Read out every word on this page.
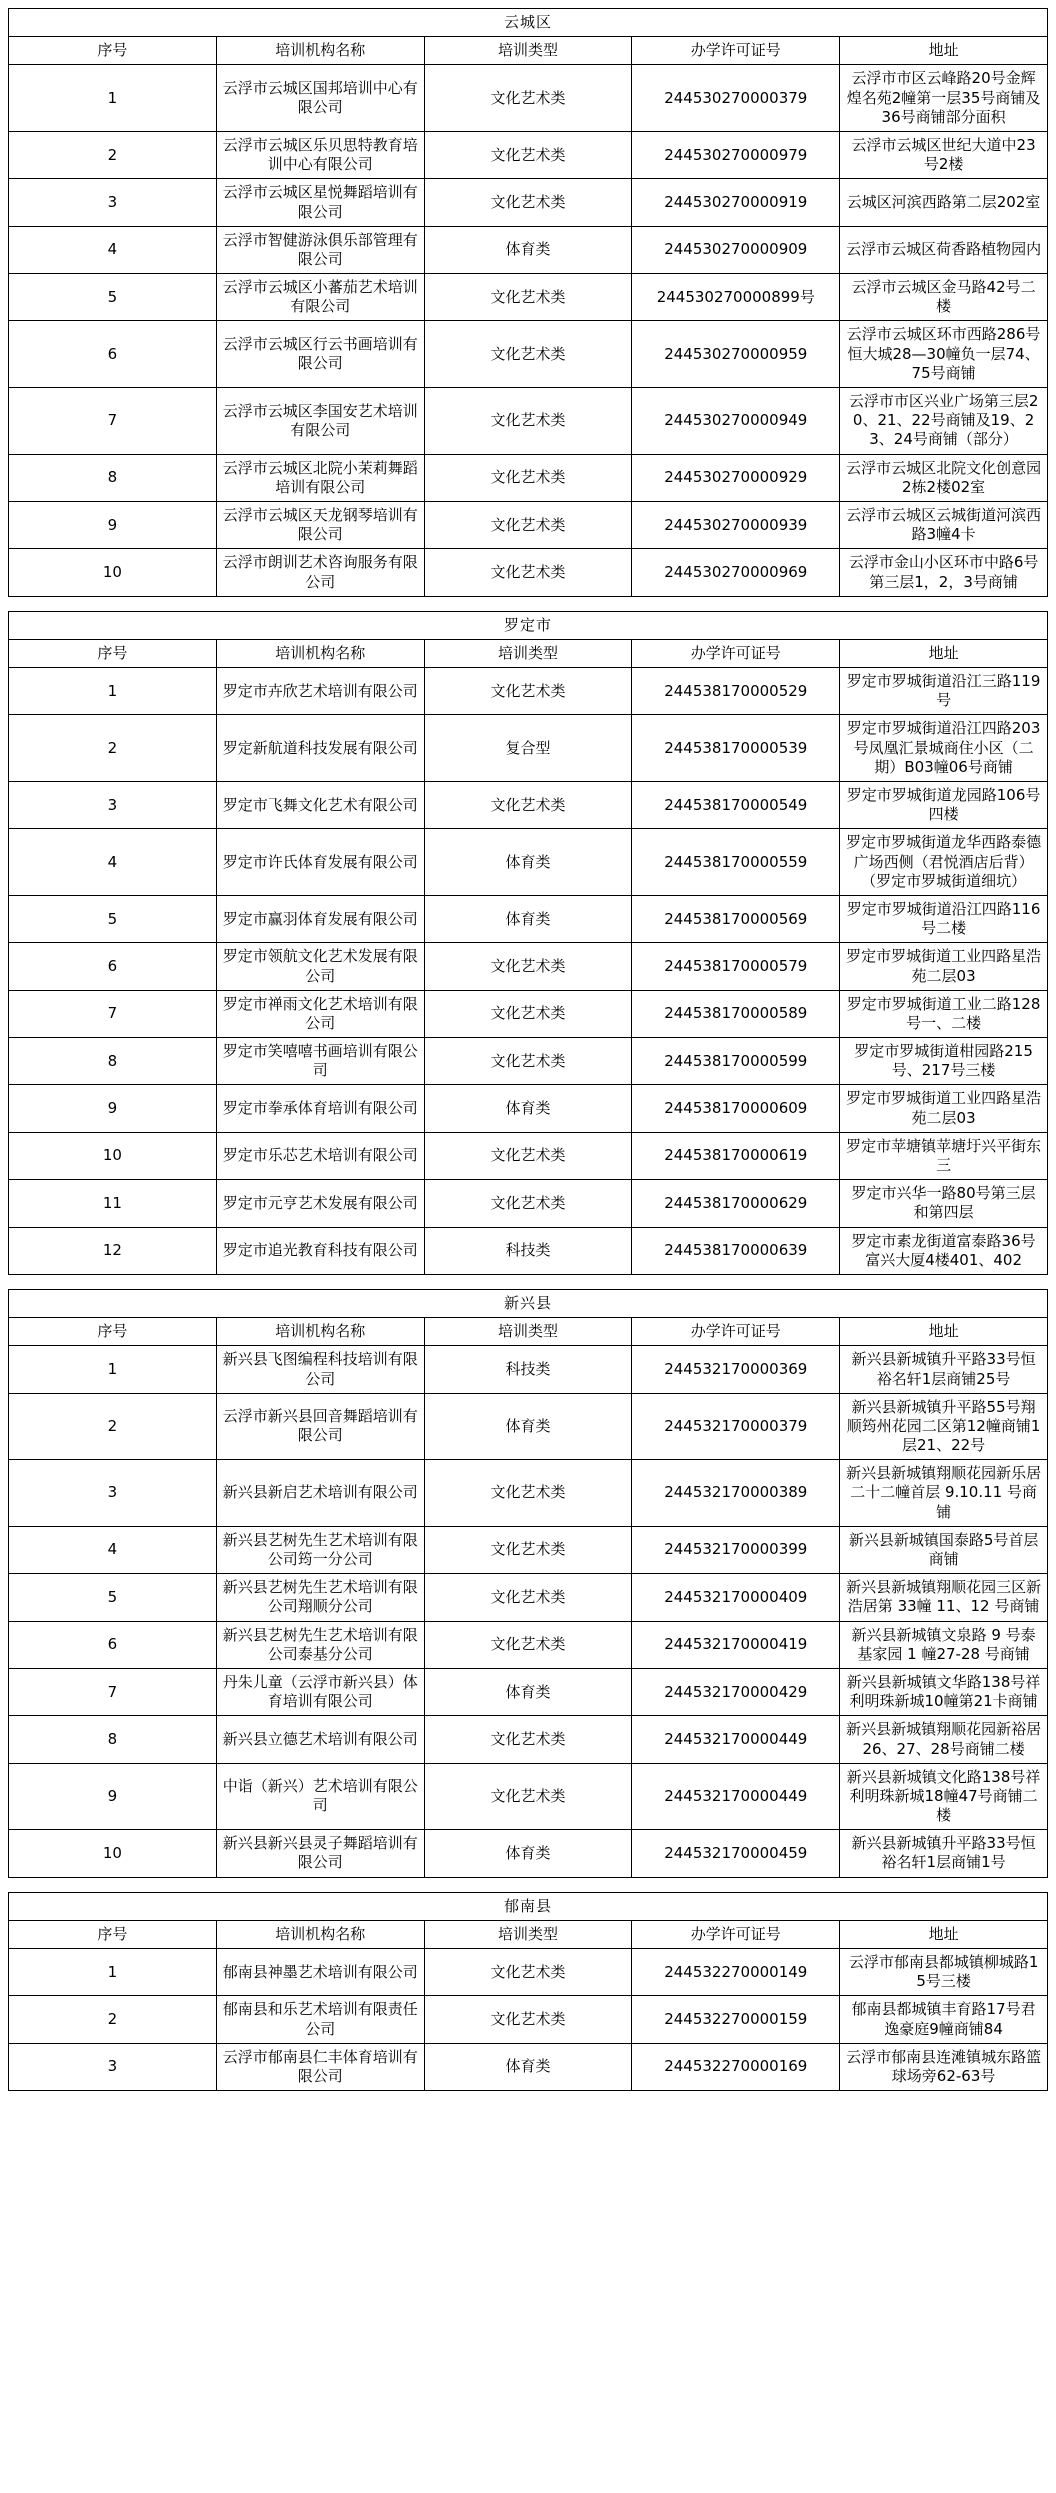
云城区				
序号	培训机构名称	培训类型	办学许可证号	地址
1	云浮市云城区国邦培训中心有限公司	文化艺术类	244530270000379	云浮市市区云峰路20号金辉煌名苑2幢第一层35号商铺及36号商铺部分面积
2	云浮市云城区乐贝思特教育培训中心有限公司	文化艺术类	244530270000979	云浮市云城区世纪大道中23号2楼
3	云浮市云城区星悦舞蹈培训有限公司	文化艺术类	244530270000919	云城区河滨西路第二层202室
4	云浮市智健游泳俱乐部管理有限公司	体育类	244530270000909	云浮市云城区荷香路植物园内
5	云浮市云城区小蕃茄艺术培训有限公司	文化艺术类	244530270000899号	云浮市云城区金马路42号二楼
6	云浮市云城区行云书画培训有限公司	文化艺术类	244530270000959	云浮市云城区环市西路286号恒大城28—30幢负一层74、75号商铺
7	云浮市云城区李国安艺术培训有限公司	文化艺术类	244530270000949	云浮市市区兴业广场第三层20、21、22号商铺及19、23、24号商铺（部分）
8	云浮市云城区北院小茉莉舞蹈培训有限公司	文化艺术类	244530270000929	云浮市云城区北院文化创意园2栋2楼02室
9	云浮市云城区天龙钢琴培训有限公司	文化艺术类	244530270000939	云浮市云城区云城街道河滨西路3幢4卡
10	云浮市朗训艺术咨询服务有限公司	文化艺术类	244530270000969	云浮市金山小区环市中路6号第三层1，2，3号商铺
罗定市				
序号	培训机构名称	培训类型	办学许可证号	地址
1	罗定市卉欣艺术培训有限公司	文化艺术类	244538170000529	罗定市罗城街道沿江三路119号
2	罗定新航道科技发展有限公司	复合型	244538170000539	罗定市罗城街道沿江四路203号凤凰汇景城商住小区（二期）B03幢06号商铺
3	罗定市飞舞文化艺术有限公司	文化艺术类	244538170000549	罗定市罗城街道龙园路106号四楼
4	罗定市许氏体育发展有限公司	体育类	244538170000559	罗定市罗城街道龙华西路泰德广场西侧（君悦酒店后背）（罗定市罗城街道细坑）
5	罗定市赢羽体育发展有限公司	体育类	244538170000569	罗定市罗城街道沿江四路116号二楼
6	罗定市领航文化艺术发展有限公司	文化艺术类	244538170000579	罗定市罗城街道工业四路星浩苑二层03
7	罗定市禅雨文化艺术培训有限公司	文化艺术类	244538170000589	罗定市罗城街道工业二路128号一、二楼
8	罗定市笑嘻嘻书画培训有限公司	文化艺术类	244538170000599	罗定市罗城街道柑园路215号、217号三楼
9	罗定市拳承体育培训有限公司	体育类	244538170000609	罗定市罗城街道工业四路星浩苑二层03
10	罗定市乐芯艺术培训有限公司	文化艺术类	244538170000619	罗定市苹塘镇苹塘圩兴平街东三
11	罗定市元亨艺术发展有限公司	文化艺术类	244538170000629	罗定市兴华一路80号第三层和第四层
12	罗定市追光教育科技有限公司	科技类	244538170000639	罗定市素龙街道富泰路36号富兴大厦4楼401、402
新兴县				
序号	培训机构名称	培训类型	办学许可证号	地址
1	新兴县飞图编程科技培训有限公司	科技类	244532170000369	新兴县新城镇升平路33号恒裕名轩1层商铺25号
2	云浮市新兴县回音舞蹈培训有限公司	体育类	244532170000379	新兴县新城镇升平路55号翔顺筠州花园二区第12幢商铺1层21、22号
3	新兴县新启艺术培训有限公司	文化艺术类	244532170000389	新兴县新城镇翔顺花园新乐居二十二幢首层 9.10.11 号商铺
4	新兴县艺树先生艺术培训有限公司筠一分公司	文化艺术类	244532170000399	新兴县新城镇国泰路5号首层商铺
5	新兴县艺树先生艺术培训有限公司翔顺分公司	文化艺术类	244532170000409	新兴县新城镇翔顺花园三区新浩居第 33幢 11、12 号商铺
6	新兴县艺树先生艺术培训有限公司泰基分公司	文化艺术类	244532170000419	新兴县新城镇文泉路 9 号泰基家园 1 幢27-28 号商铺
7	丹朱儿童（云浮市新兴县）体育培训有限公司	体育类	244532170000429	新兴县新城镇文华路138号祥利明珠新城10幢第21卡商铺
8	新兴县立德艺术培训有限公司	文化艺术类	244532170000449	新兴县新城镇翔顺花园新裕居26、27、28号商铺二楼
9	中诣（新兴）艺术培训有限公司	文化艺术类	244532170000449	新兴县新城镇文化路138号祥利明珠新城18幢47号商铺二楼
10	新兴县新兴县灵子舞蹈培训有限公司	体育类	244532170000459	新兴县新城镇升平路33号恒裕名轩1层商铺1号
郁南县				
序号	培训机构名称	培训类型	办学许可证号	地址
1	郁南县神墨艺术培训有限公司	文化艺术类	244532270000149	云浮市郁南县都城镇柳城路15号三楼
2	郁南县和乐艺术培训有限责任公司	文化艺术类	244532270000159	郁南县都城镇丰育路17号君逸豪庭9幢商铺84
3	云浮市郁南县仁丰体育培训有限公司	体育类	244532270000169	云浮市郁南县连滩镇城东路篮球场旁62-63号
